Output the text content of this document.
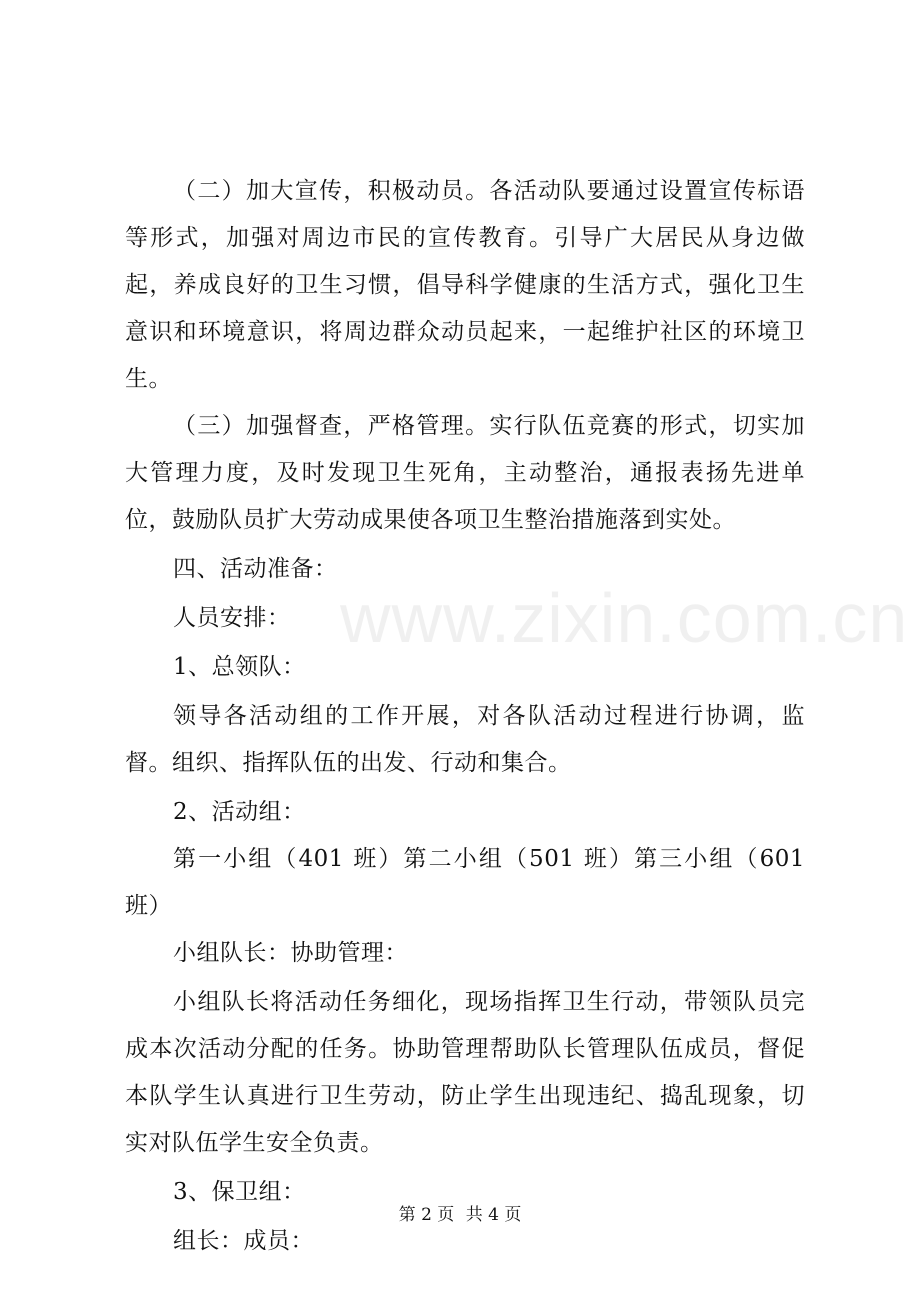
www.zixin.com.cn

（二）加大宣传，积极动员。各活动队要通过设置宣传标语等形式，加强对周边市民的宣传教育。引导广大居民从身边做起，养成良好的卫生习惯，倡导科学健康的生活方式，强化卫生意识和环境意识，将周边群众动员起来，一起维护社区的环境卫生。

（三）加强督查，严格管理。实行队伍竞赛的形式，切实加大管理力度，及时发现卫生死角，主动整治，通报表扬先进单位，鼓励队员扩大劳动成果使各项卫生整治措施落到实处。

四、活动准备：

人员安排：

1、总领队：

领导各活动组的工作开展，对各队活动过程进行协调，监督。组织、指挥队伍的出发、行动和集合。

2、活动组：

第一小组（401 班）第二小组（501 班）第三小组（601 班）

小组队长：协助管理：

小组队长将活动任务细化，现场指挥卫生行动，带领队员完成本次活动分配的任务。协助管理帮助队长管理队伍成员，督促本队学生认真进行卫生劳动，防止学生出现违纪、捣乱现象，切实对队伍学生安全负责。

3、保卫组：

组长：成员：

第 2 页 共 4 页
